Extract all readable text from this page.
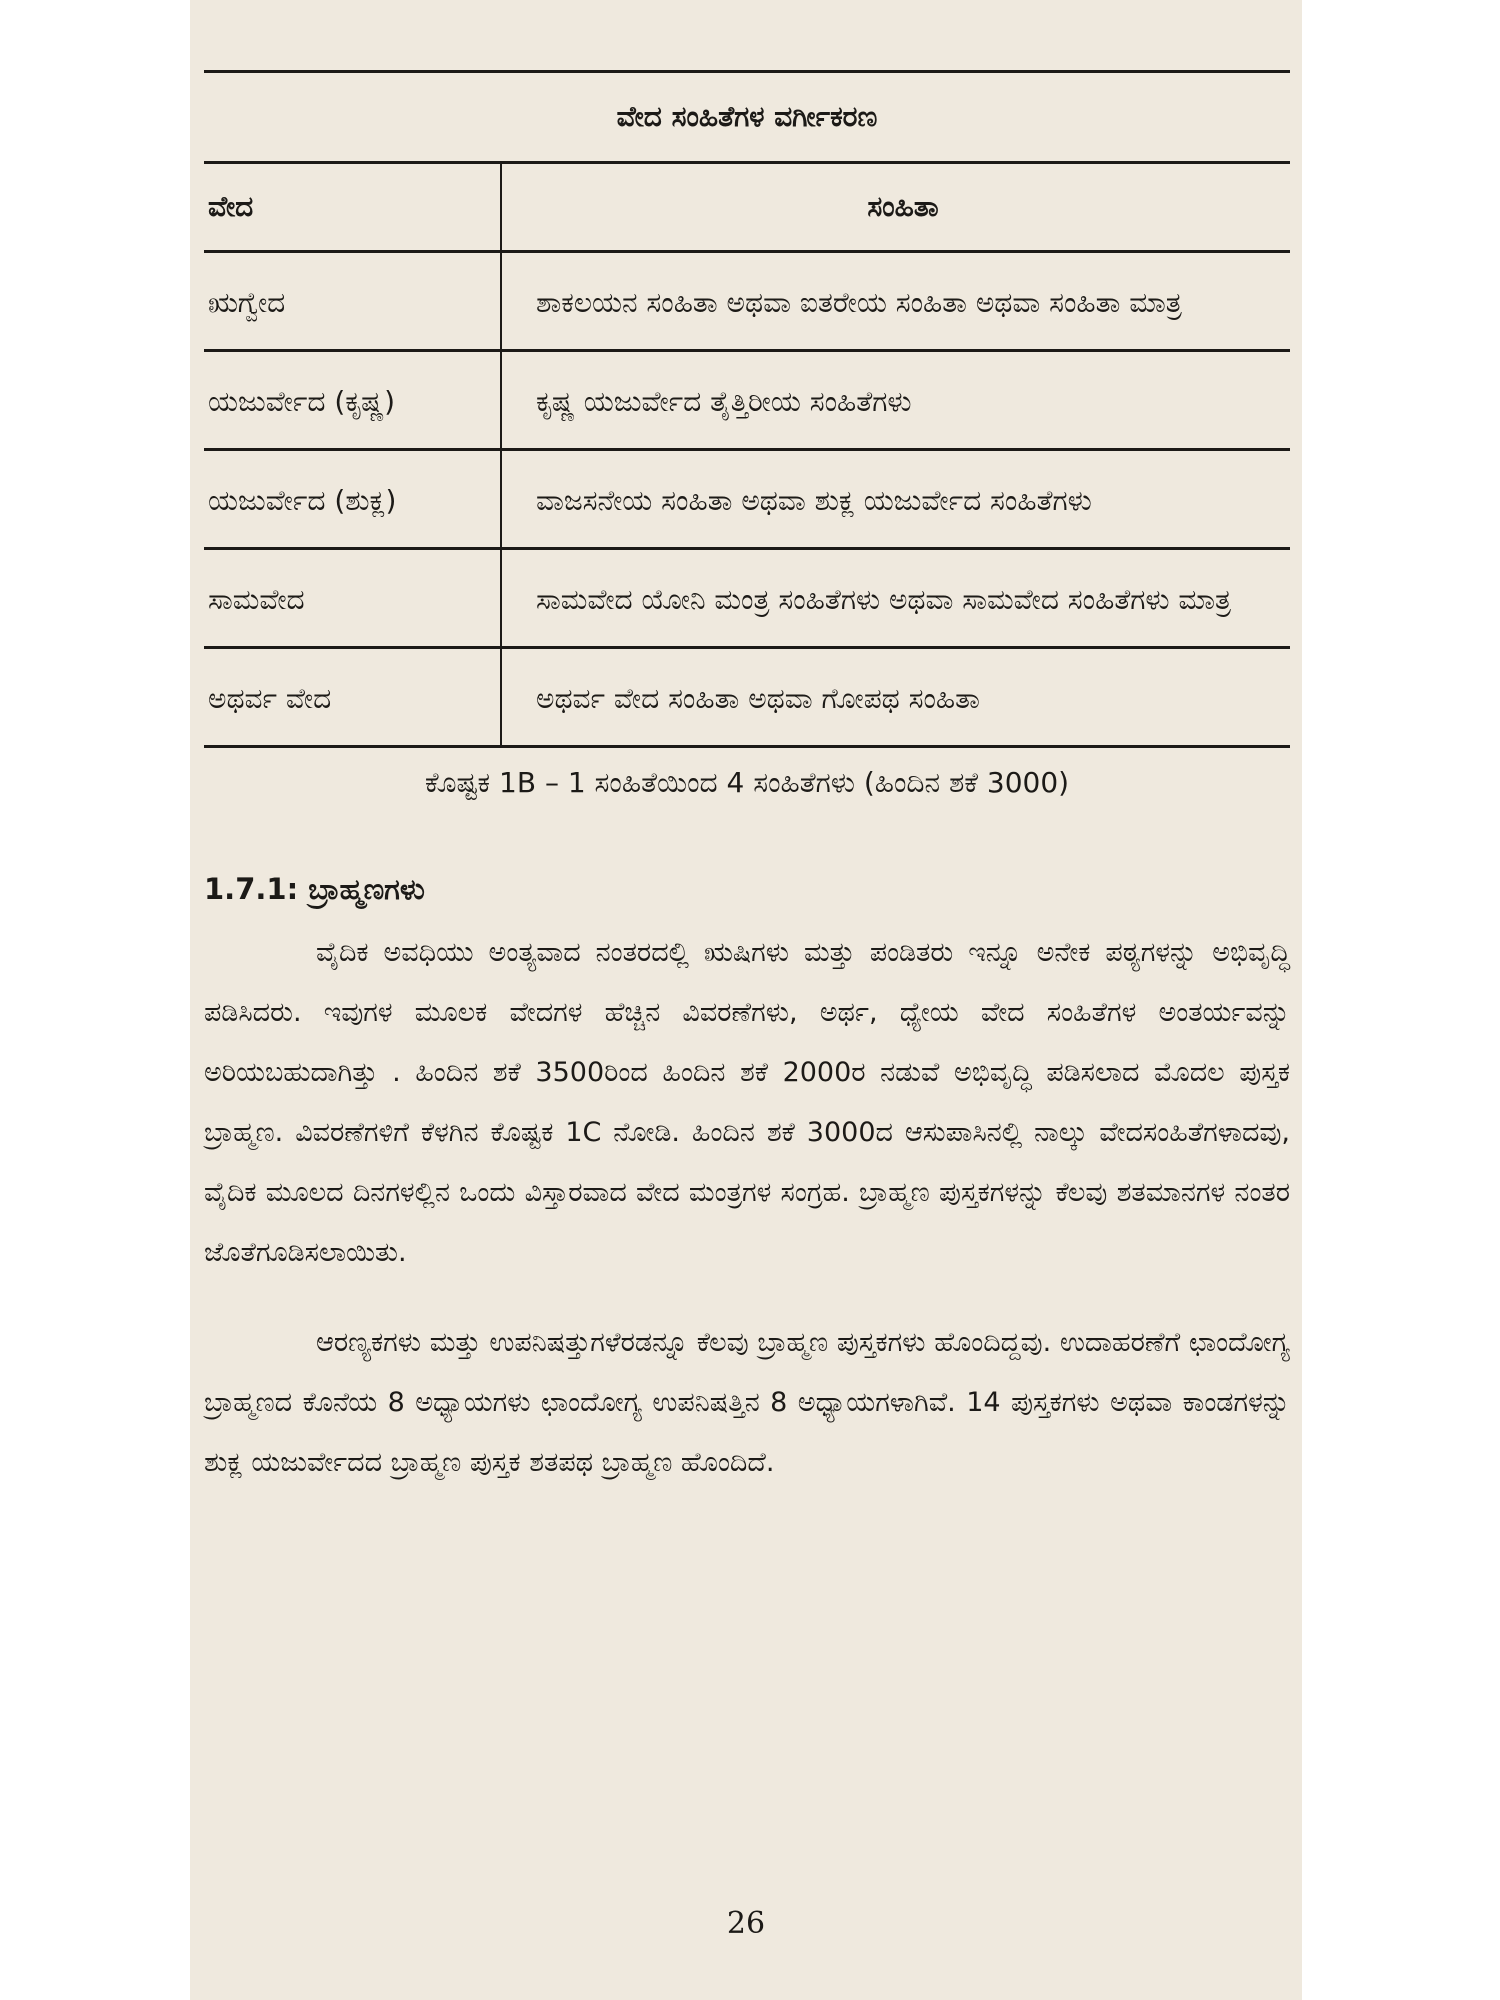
ವೇದ ಸಂಹಿತೆಗಳ ವರ್ಗೀಕರಣ	
ವೇದ	ಸಂಹಿತಾ
ಋಗ್ವೇದ	ಶಾಕಲಯನ ಸಂಹಿತಾ ಅಥವಾ ಐತರೇಯ ಸಂಹಿತಾ ಅಥವಾ ಸಂಹಿತಾ ಮಾತ್ರ
ಯಜುರ್ವೇದ (ಕೃಷ್ಣ)	ಕೃಷ್ಣ ಯಜುರ್ವೇದ ತೈತ್ತಿರೀಯ ಸಂಹಿತೆಗಳು
ಯಜುರ್ವೇದ (ಶುಕ್ಲ)	ವಾಜಸನೇಯ ಸಂಹಿತಾ ಅಥವಾ ಶುಕ್ಲ ಯಜುರ್ವೇದ ಸಂಹಿತೆಗಳು
ಸಾಮವೇದ	ಸಾಮವೇದ ಯೋನಿ ಮಂತ್ರ ಸಂಹಿತೆಗಳು ಅಥವಾ ಸಾಮವೇದ ಸಂಹಿತೆಗಳು ಮಾತ್ರ
ಅಥರ್ವ ವೇದ	ಅಥರ್ವ ವೇದ ಸಂಹಿತಾ ಅಥವಾ ಗೋಪಥ ಸಂಹಿತಾ
ಕೊಷ್ಟಕ 1B – 1 ಸಂಹಿತೆಯಿಂದ 4 ಸಂಹಿತೆಗಳು (ಹಿಂದಿನ ಶಕೆ 3000)
1.7.1: ಬ್ರಾಹ್ಮಣಗಳು

ವೈದಿಕ ಅವಧಿಯು ಅಂತ್ಯವಾದ ನಂತರದಲ್ಲಿ ಋಷಿಗಳು ಮತ್ತು ಪಂಡಿತರು ಇನ್ನೂ ಅನೇಕ ಪಠ್ಯಗಳನ್ನು ಅಭಿವೃದ್ಧಿ ಪಡಿಸಿದರು. ಇವುಗಳ ಮೂಲಕ ವೇದಗಳ ಹೆಚ್ಚಿನ ವಿವರಣೆಗಳು, ಅರ್ಥ, ಧ್ಯೇಯ ವೇದ ಸಂಹಿತೆಗಳ ಅಂತರ್ಯವನ್ನು ಅರಿಯಬಹುದಾಗಿತ್ತು . ಹಿಂದಿನ ಶಕೆ 3500ರಿಂದ ಹಿಂದಿನ ಶಕೆ 2000ರ ನಡುವೆ ಅಭಿವೃದ್ಧಿ ಪಡಿಸಲಾದ ಮೊದಲ ಪುಸ್ತಕ ಬ್ರಾಹ್ಮಣ. ವಿವರಣೆಗಳಿಗೆ ಕೆಳಗಿನ ಕೊಷ್ಟಕ 1C ನೋಡಿ. ಹಿಂದಿನ ಶಕೆ 3000ದ ಆಸುಪಾಸಿನಲ್ಲಿ ನಾಲ್ಕು ವೇದಸಂಹಿತೆಗಳಾದವು, ವೈದಿಕ ಮೂಲದ ದಿನಗಳಲ್ಲಿನ ಒಂದು ವಿಸ್ತಾರವಾದ ವೇದ ಮಂತ್ರಗಳ ಸಂಗ್ರಹ. ಬ್ರಾಹ್ಮಣ ಪುಸ್ತಕಗಳನ್ನು ಕೆಲವು ಶತಮಾನಗಳ ನಂತರ ಜೊತೆಗೂಡಿಸಲಾಯಿತು.

ಆರಣ್ಯಕಗಳು ಮತ್ತು ಉಪನಿಷತ್ತುಗಳೆರಡನ್ನೂ ಕೆಲವು ಬ್ರಾಹ್ಮಣ ಪುಸ್ತಕಗಳು ಹೊಂದಿದ್ದವು. ಉದಾಹರಣೆಗೆ ಛಾಂದೋಗ್ಯ ಬ್ರಾಹ್ಮಣದ ಕೊನೆಯ 8 ಅಧ್ಯಾಯಗಳು ಛಾಂದೋಗ್ಯ ಉಪನಿಷತ್ತಿನ 8 ಅಧ್ಯಾಯಗಳಾಗಿವೆ. 14 ಪುಸ್ತಕಗಳು ಅಥವಾ ಕಾಂಡಗಳನ್ನು ಶುಕ್ಲ ಯಜುರ್ವೇದದ ಬ್ರಾಹ್ಮಣ ಪುಸ್ತಕ ಶತಪಥ ಬ್ರಾಹ್ಮಣ ಹೊಂದಿದೆ.

26
